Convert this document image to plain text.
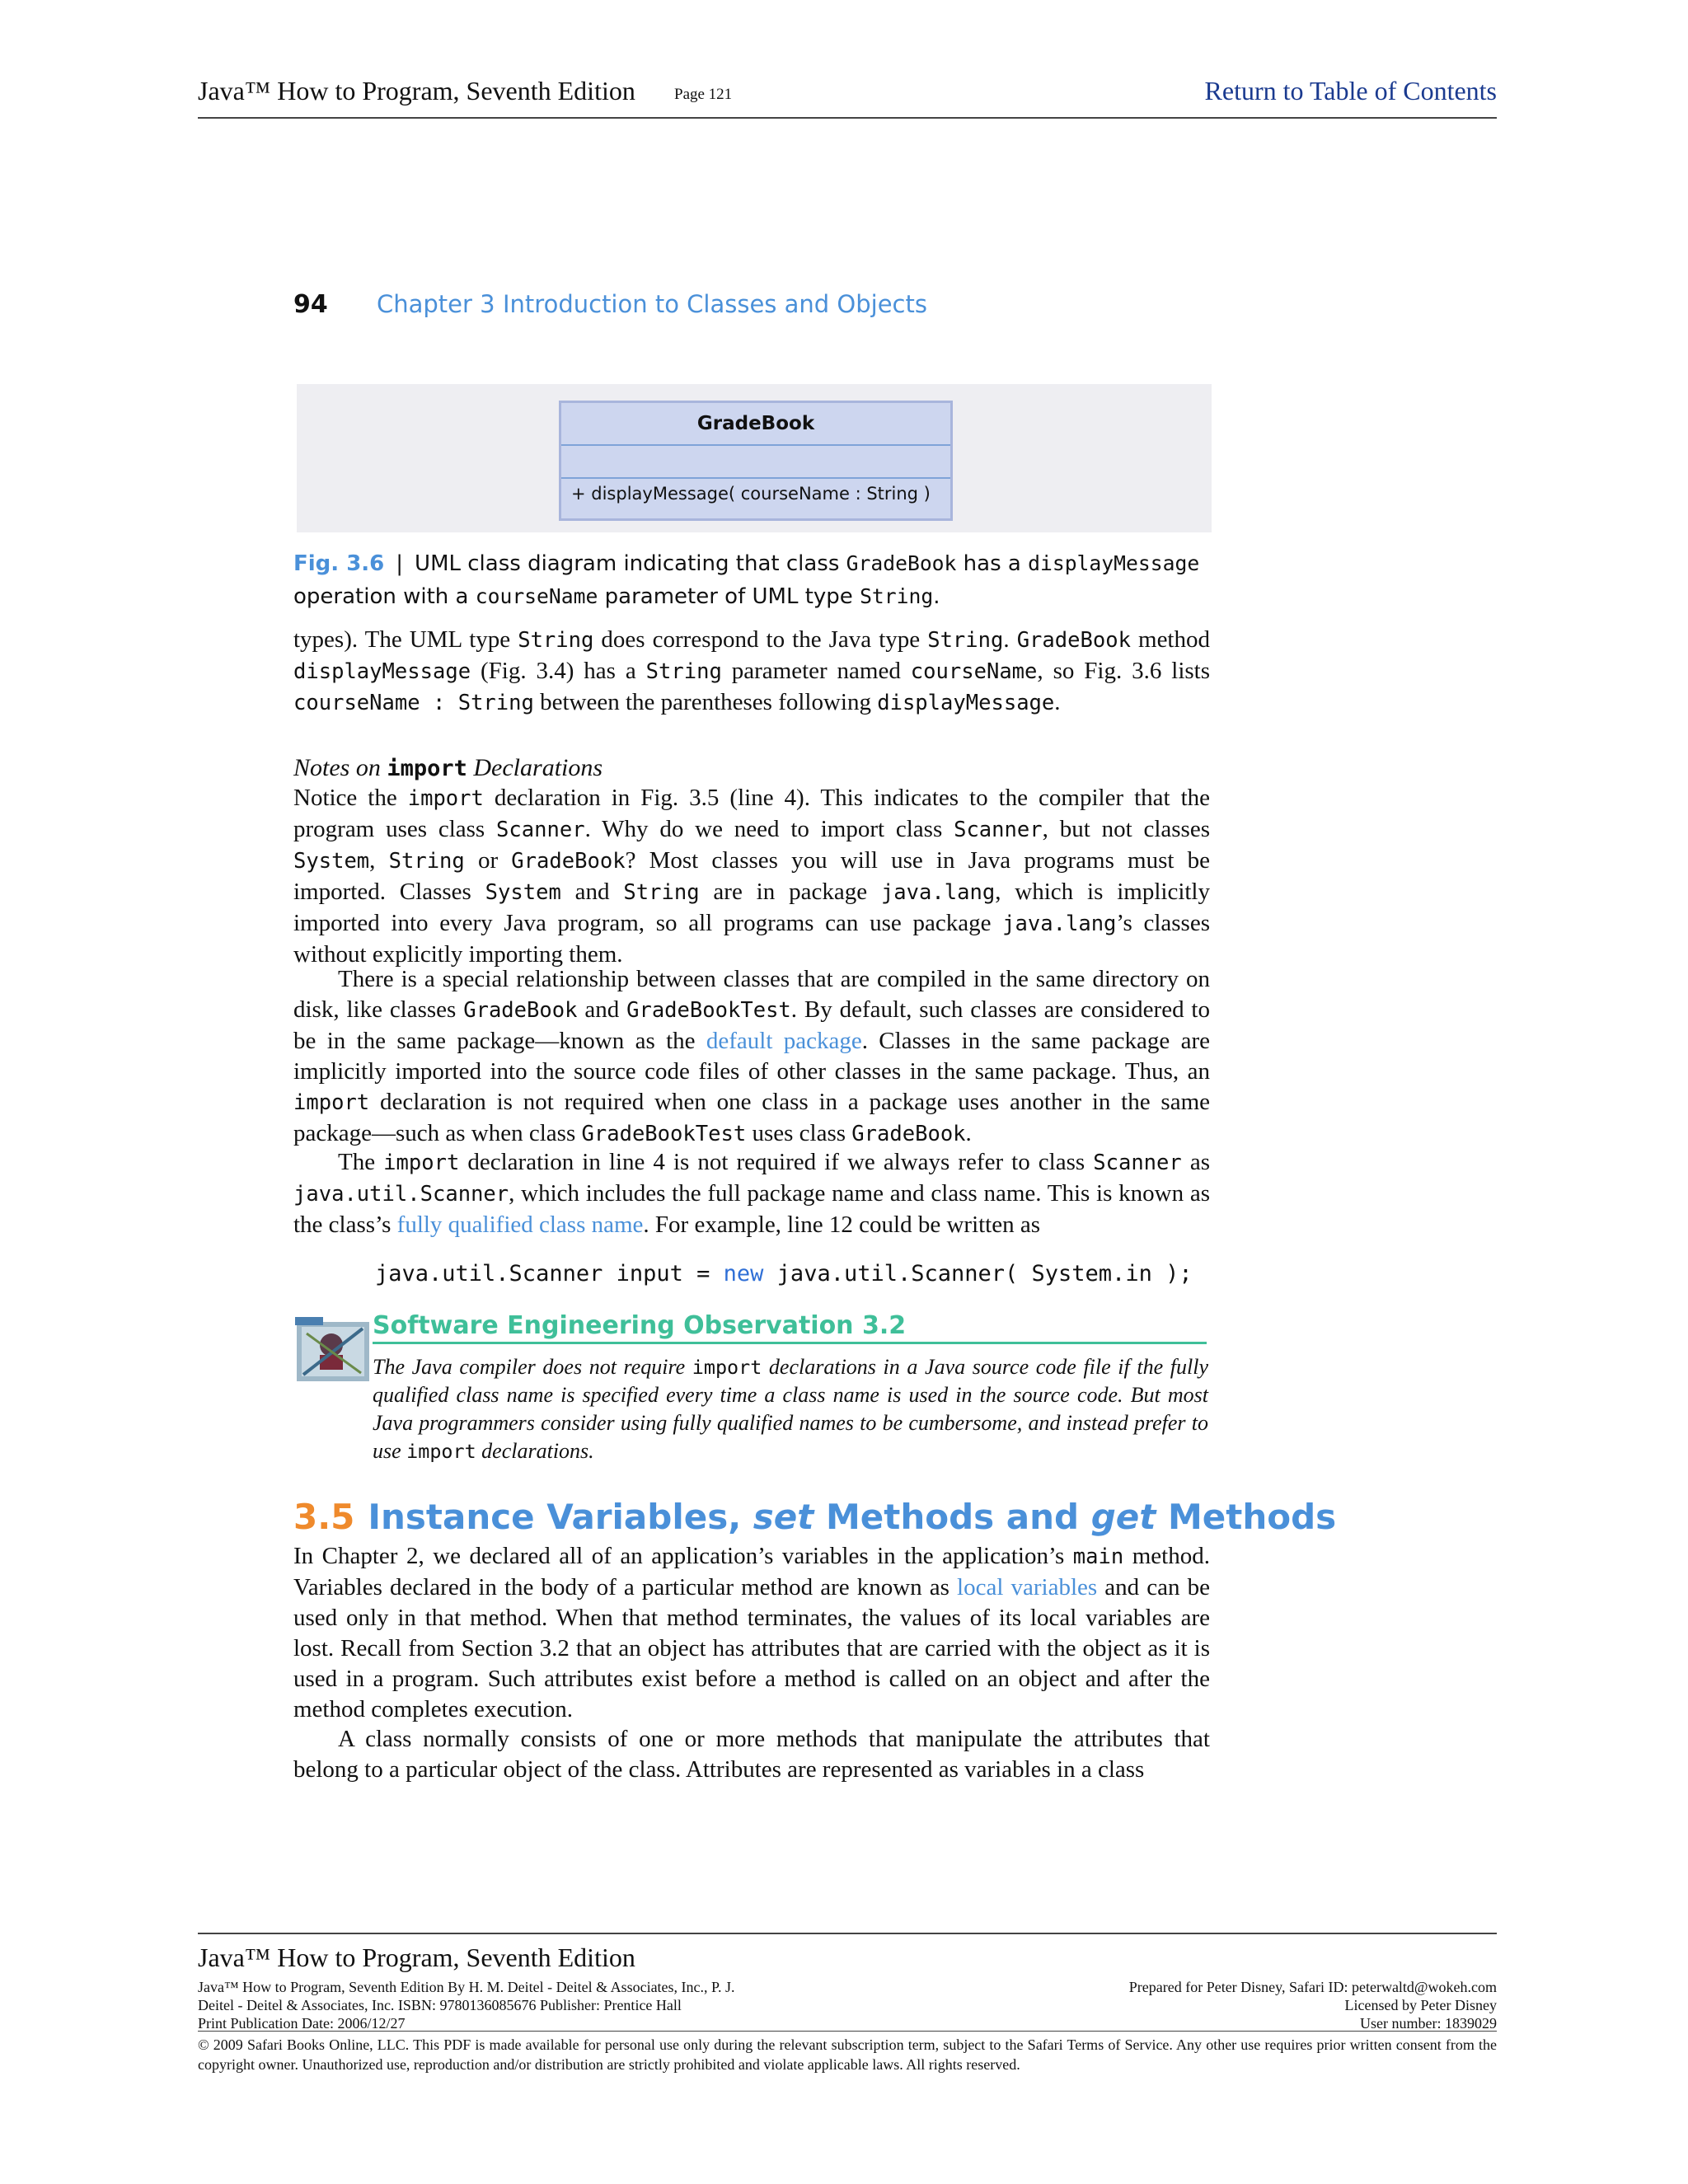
Java™ How to Program, Seventh Edition Page 121	Return to Table of Contents
94 Chapter 3 Introduction to Classes and Objects
GradeBook
+ displayMessage( courseName : String )
Fig. 3.6 | UML class diagram indicating that class GradeBook has a displayMessage operation with a courseName parameter of UML type String.

types). The UML type String does correspond to the Java type String. GradeBook method displayMessage (Fig. 3.4) has a String parameter named courseName, so Fig. 3.6 lists courseName : String between the parentheses following displayMessage.

Notes on import Declarations

Notice the import declaration in Fig. 3.5 (line 4). This indicates to the compiler that the program uses class Scanner. Why do we need to import class Scanner, but not classes System, String or GradeBook? Most classes you will use in Java programs must be imported. Classes System and String are in package java.lang, which is implicitly imported into every Java program, so all programs can use package java.lang’s classes without explicitly importing them.

There is a special relationship between classes that are compiled in the same directory on disk, like classes GradeBook and GradeBookTest. By default, such classes are considered to be in the same package—known as the default package. Classes in the same package are implicitly imported into the source code files of other classes in the same package. Thus, an import declaration is not required when one class in a package uses another in the same package—such as when class GradeBookTest uses class GradeBook.

The import declaration in line 4 is not required if we always refer to class Scanner as java.util.Scanner, which includes the full package name and class name. This is known as the class’s fully qualified class name. For example, line 12 could be written as

java.util.Scanner input = new java.util.Scanner( System.in );
Software Engineering Observation 3.2

The Java compiler does not require import declarations in a Java source code file if the fully qualified class name is specified every time a class name is used in the source code. But most Java programmers consider using fully qualified names to be cumbersome, and instead prefer to use import declarations.

3.5 Instance Variables, set Methods and get Methods

In Chapter 2, we declared all of an application’s variables in the application’s main method. Variables declared in the body of a particular method are known as local variables and can be used only in that method. When that method terminates, the values of its local variables are lost. Recall from Section 3.2 that an object has attributes that are carried with the object as it is used in a program. Such attributes exist before a method is called on an object and after the method completes execution.

A class normally consists of one or more methods that manipulate the attributes that belong to a particular object of the class. Attributes are represented as variables in a class

Java™ How to Program, Seventh Edition
Java™ How to Program, Seventh Edition By H. M. Deitel - Deitel & Associates, Inc., P. J.
Deitel - Deitel & Associates, Inc. ISBN: 9780136085676 Publisher: Prentice Hall
Print Publication Date: 2006/12/27
Prepared for Peter Disney, Safari ID: peterwaltd@wokeh.com
Licensed by Peter Disney
User number: 1839029
© 2009 Safari Books Online, LLC. This PDF is made available for personal use only during the relevant subscription term, subject to the Safari Terms of Service. Any other use requires prior written consent from the copyright owner. Unauthorized use, reproduction and/or distribution are strictly prohibited and violate applicable laws. All rights reserved.
